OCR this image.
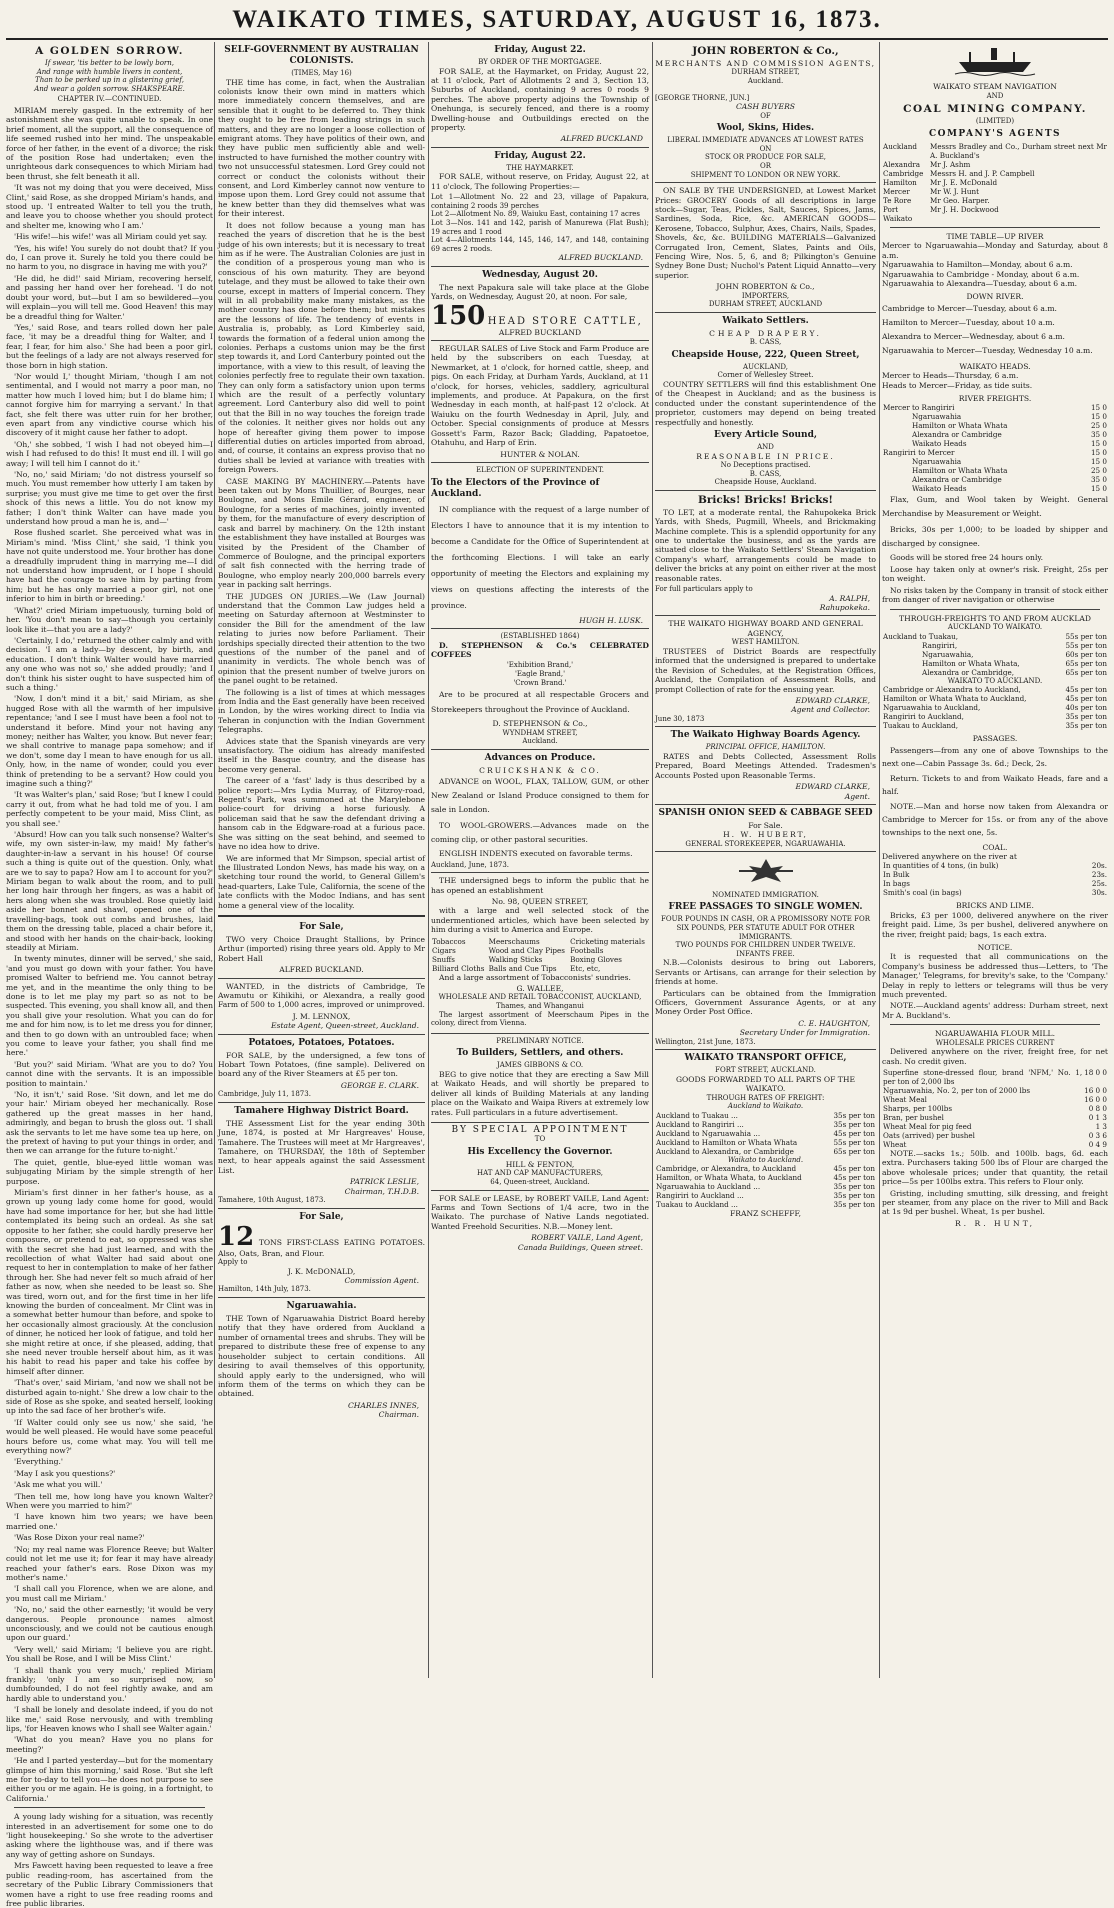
WAIKATO TIMES, SATURDAY, AUGUST 16, 1873.
A GOLDEN SORROW.
If swear, 'tis better to be lowly born,
And range with humble livers in content,
Than to be perked up in a glistering grief,
And wear a golden sorrow. SHAKSPEARE.
CHAPTER IV.—CONTINUED.

MIRIAM merely gasped. In the extremity of her astonishment she was quite unable to speak. In one brief moment, all the support, all the consequence of life seemed rushed into her mind. The unspeakable force of her father, in the event of a divorce; the risk of the position Rose had undertaken; even the unrighteous dark consequences to which Miriam had been thrust, she felt beneath it all.

'It was not my doing that you were deceived, Miss Clint,' said Rose, as she dropped Miriam's hands, and stood up. 'I entreated Walter to tell you the truth, and leave you to choose whether you should protect and shelter me, knowing who I am.'

'His wife!—his wife!' was all Miriam could yet say.

'Yes, his wife! You surely do not doubt that? If you do, I can prove it. Surely he told you there could be no harm to you, no disgrace in having me with you?'

'He did, he did!' said Miriam, recovering herself, and passing her hand over her forehead. 'I do not doubt your word, but—but I am so bewildered—you will explain—you will tell me. Good Heaven! this may be a dreadful thing for Walter.'

'Yes,' said Rose, and tears rolled down her pale face, 'it may be a dreadful thing for Walter, and I fear, I fear, for him also.' She had been a poor girl, but the feelings of a lady are not always reserved for those born in high station.

'Nor would I,' thought Miriam, 'though I am not sentimental, and I would not marry a poor man, no matter how much I loved him; but I do blame him; I cannot forgive him for marrying a servant.' In that fact, she felt there was utter ruin for her brother, even apart from any vindictive course which his discovery of it might cause her father to adopt.

'Oh,' she sobbed, 'I wish I had not obeyed him—I wish I had refused to do this! It must end ill. I will go away; I will tell him I cannot do it.'

'No, no,' said Miriam; 'do not distress yourself so much. You must remember how utterly I am taken by surprise; you must give me time to get over the first shock of this news a little. You do not know my father; I don't think Walter can have made you understand how proud a man he is, and—'

Rose flushed scarlet. She perceived what was in Miriam's mind. 'Miss Clint,' she said, 'I think you have not quite understood me. Your brother has done a dreadfully imprudent thing in marrying me—I did not understand how imprudent, or I hope I should have had the courage to save him by parting from him; but he has only married a poor girl, not one inferior to him in birth or breeding.'

'What?' cried Miriam impetuously, turning bold of her. 'You don't mean to say—though you certainly look like it—that you are a lady?'

'Certainly, I do,' returned the other calmly and with decision. 'I am a lady—by descent, by birth, and education. I don't think Walter would have married any one who was not so,' she added proudly; 'and I don't think his sister ought to have suspected him of such a thing.'

'Now, I don't mind it a bit,' said Miriam, as she hugged Rose with all the warmth of her impulsive repentance; 'and I see I must have been a fool not to understand it before. Mind your not having any money; neither has Walter, you know. But never fear; we shall contrive to manage papa somehow; and if we don't, some day I mean to have enough for us all. Only, how, in the name of wonder, could you ever think of pretending to be a servant? How could you imagine such a thing?'

'It was Walter's plan,' said Rose; 'but I knew I could carry it out, from what he had told me of you. I am perfectly competent to be your maid, Miss Clint, as you shall see.'

'Absurd! How can you talk such nonsense? Walter's wife, my own sister-in-law, my maid! My father's daughter-in-law a servant in his house! Of course such a thing is quite out of the question. Only, what are we to say to papa? How am I to account for you?' Miriam began to walk about the room, and to pull her long hair through her fingers, as was a habit of hers along when she was troubled. Rose quietly laid aside her bonnet and shawl, opened one of the travelling-bags, took out combs and brushes, laid them on the dressing table, placed a chair before it, and stood with her hands on the chair-back, looking steadily at Miriam.

In twenty minutes, dinner will be served,' she said, 'and you must go down with your father. You have promised Walter to befriend me. You cannot betray me yet, and in the meantime the only thing to be done is to let me play my part so as not to be suspected. This evening, you shall know all, and then you shall give your resolution. What you can do for me and for him now, is to let me dress you for dinner, and then to go down with an untroubled face; when you come to leave your father, you shall find me here.'

'But you?' said Miriam. 'What are you to do? You cannot dine with the servants. It is an impossible position to maintain.'

'No, it isn't,' said Rose. 'Sit down, and let me do your hair.' Miriam obeyed her mechanically. Rose gathered up the great masses in her hand, admiringly, and began to brush the gloss out. 'I shall ask the servants to let me have some tea up here, on the pretext of having to put your things in order, and then we can arrange for the future to-night.'

The quiet, gentle, blue-eyed little woman was subjugating Miriam by the simple strength of her purpose.

Miriam's first dinner in her father's house, as a grown up young lady come home for good, would have had some importance for her, but she had little contemplated its being such an ordeal. As she sat opposite to her father, she could hardly preserve her composure, or pretend to eat, so oppressed was she with the secret she had just learned, and with the recollection of what Walter had said about one request to her in contemplation to make of her father through her. She had never felt so much afraid of her father as now, when she needed to be least so. She was tired, worn out, and for the first time in her life knowing the burden of concealment. Mr Clint was in a somewhat better humour than before, and spoke to her occasionally almost graciously. At the conclusion of dinner, he noticed her look of fatigue, and told her she might retire at once, if she pleased, adding, that she need never trouble herself about him, as it was his habit to read his paper and take his coffee by himself after dinner.

'That's over,' said Miriam, 'and now we shall not be disturbed again to-night.' She drew a low chair to the side of Rose as she spoke, and seated herself, looking up into the sad face of her brother's wife.

'If Walter could only see us now,' she said, 'he would be well pleased. He would have some peaceful hours before us, come what may. You will tell me everything now?'

'Everything.'

'May I ask you questions?'

'Ask me what you will.'

'Then tell me, how long have you known Walter? When were you married to him?'

'I have known him two years; we have been married one.'

'Was Rose Dixon your real name?'

'No; my real name was Florence Reeve; but Walter could not let me use it; for fear it may have already reached your father's ears. Rose Dixon was my mother's name.'

'I shall call you Florence, when we are alone, and you must call me Miriam.'

'No, no,' said the other earnestly; 'it would be very dangerous. People pronounce names almost unconsciously, and we could not be cautious enough upon our guard.'

'Very well,' said Miriam; 'I believe you are right. You shall be Rose, and I will be Miss Clint.'

'I shall thank you very much,' replied Miriam frankly; 'only I am so surprised now, so dumbfounded, I do not feel rightly awake, and am hardly able to understand you.'

'I shall be lonely and desolate indeed, if you do not like me,' said Rose nervously, and with trembling lips, 'for Heaven knows who I shall see Walter again.'

'What do you mean? Have you no plans for meeting?'

'He and I parted yesterday—but for the momentary glimpse of him this morning,' said Rose. 'But she left me for to-day to tell you—he does not purpose to see either you or me again. He is going, in a fortnight, to California.'

A young lady wishing for a situation, was recently interested in an advertisement for some one to do 'light housekeeping.' So she wrote to the advertiser asking where the lighthouse was, and if there was any way of getting ashore on Sundays.

Mrs Fawcett having been requested to leave a free public reading-room, has ascertained from the secretary of the Public Library Commissioners that women have a right to use free reading rooms and free public libraries.

SELF-GOVERNMENT BY AUSTRALIAN COLONISTS.
(TIMES, May 16)

THE time has come, in fact, when the Australian colonists know their own mind in matters which more immediately concern themselves, and are sensible that it ought to be deferred to. They think they ought to be free from leading strings in such matters, and they are no longer a loose collection of emigrant atoms. They have politics of their own, and they have public men sufficiently able and well-instructed to have furnished the mother country with two not unsuccessful statesmen. Lord Grey could not correct or conduct the colonists without their consent, and Lord Kimberley cannot now venture to impose upon them. Lord Grey could not assume that he knew better than they did themselves what was for their interest.

It does not follow because a young man has reached the years of discretion that he is the best judge of his own interests; but it is necessary to treat him as if he were. The Australian Colonies are just in the condition of a prosperous young man who is conscious of his own maturity. They are beyond tutelage, and they must be allowed to take their own course, except in matters of Imperial concern. They will in all probability make many mistakes, as the mother country has done before them; but mistakes are the lessons of life. The tendency of events in Australia is, probably, as Lord Kimberley said, towards the formation of a federal union among the colonies. Perhaps a customs union may be the first step towards it, and Lord Canterbury pointed out the importance, with a view to this result, of leaving the colonies perfectly free to regulate their own taxation. They can only form a satisfactory union upon terms which are the result of a perfectly voluntary agreement. Lord Canterbury also did well to point out that the Bill in no way touches the foreign trade of the colonies. It neither gives nor holds out any hope of hereafter giving them power to impose differential duties on articles imported from abroad, and, of course, it contains an express proviso that no duties shall be levied at variance with treaties with foreign Powers.

CASE MAKING BY MACHINERY.—Patents have been taken out by Mons Thuillier, of Bourges, near Boulogne, and Mons Emile Gérard, engineer, of Boulogne, for a series of machines, jointly invented by them, for the manufacture of every description of cask and barrel by machinery. On the 12th instant the establishment they have installed at Bourges was visited by the President of the Chamber of Commerce of Boulogne, and the principal exporters of salt fish connected with the herring trade of Boulogne, who employ nearly 200,000 barrels every year in packing salt herrings.

THE JUDGES ON JURIES.—We (Law Journal) understand that the Common Law judges held a meeting on Saturday afternoon at Westminster to consider the Bill for the amendment of the law relating to juries now before Parliament. Their lordships specially directed their attention to the two questions of the number of the panel and of unanimity in verdicts. The whole bench was of opinion that the present number of twelve jurors on the panel ought to be retained.

The following is a list of times at which messages from India and the East generally have been received in London, by the wires working direct to India via Teheran in conjunction with the Indian Government Telegraphs.

Advices state that the Spanish vineyards are very unsatisfactory. The oidium has already manifested itself in the Basque country, and the disease has become very general.

The career of a 'fast' lady is thus described by a police report:—Mrs Lydia Murray, of Fitzroy-road, Regent's Park, was summoned at the Marylebone police-court for driving a horse furiously. A policeman said that he saw the defendant driving a hansom cab in the Edgware-road at a furious pace. She was sitting on the seat behind, and seemed to have no idea how to drive.

We are informed that Mr Simpson, special artist of the Illustrated London News, has made his way, on a sketching tour round the world, to General Gillem's head-quarters, Lake Tule, California, the scene of the late conflicts with the Modoc Indians, and has sent home a general view of the locality.

For Sale,

TWO very Choice Draught Stallions, by Prince Arthur (imported) rising three years old. Apply to Mr Robert Hall

ALFRED BUCKLAND.

WANTED, in the districts of Cambridge, Te Awamutu or Kihikihi, or Alexandra, a really good Farm of 500 to 1,000 acres, improved or unimproved.

J. M. LENNOX,
Estate Agent, Queen-street, Auckland.
Potatoes, Potatoes, Potatoes.

FOR SALE, by the undersigned, a few tons of Hobart Town Potatoes, (fine sample). Delivered on board any of the River Steamers at £5 per ton.

GEORGE E. CLARK.
Cambridge, July 11, 1873.
Tamahere Highway District Board.

THE Assessment List for the year ending 30th June, 1874, is posted at Mr Hargreaves' House, Tamahere. The Trustees will meet at Mr Hargreaves', Tamahere, on THURSDAY, the 18th of September next, to hear appeals against the said Assessment List.

PATRICK LESLIE,
Chairman, T.H.D.B.
Tamahere, 10th August, 1873.
For Sale,
12 TONS FIRST-CLASS EATING POTATOES. Also, Oats, Bran, and Flour.
Apply to
J. K. McDONALD,
Commission Agent.
Hamilton, 14th July, 1873.
Ngaruawahia.

THE Town of Ngaruawahia District Board hereby notify that they have ordered from Auckland a number of ornamental trees and shrubs. They will be prepared to distribute these free of expense to any householder subject to certain conditions. All desiring to avail themselves of this opportunity, should apply early to the undersigned, who will inform them of the terms on which they can be obtained.

CHARLES INNES,
Chairman.
Friday, August 22.
BY ORDER OF THE MORTGAGEE.

FOR SALE, at the Haymarket, on Friday, August 22, at 11 o'clock, Part of Allotments 2 and 3, Section 13, Suburbs of Auckland, containing 9 acres 0 roods 9 perches. The above property adjoins the Township of Onehunga, is securely fenced, and there is a roomy Dwelling-house and Outbuildings erected on the property.

ALFRED BUCKLAND
Friday, August 22.
THE HAYMARKET.

FOR SALE, without reserve, on Friday, August 22, at 11 o'clock, The following Properties:—

Lot 1—Allotment No. 22 and 23, village of Papakura, containing 2 roods 39 perches
Lot 2—Allotment No. 89, Waiuku East, containing 17 acres
Lot 3—Nos. 141 and 142, parish of Manurewa (Flat Bush); 19 acres and 1 rood
Lot 4—Allotments 144, 145, 146, 147, and 148, containing 69 acres 2 roods.
ALFRED BUCKLAND.
Wednesday, August 20.

The next Papakura sale will take place at the Globe Yards, on Wednesday, August 20, at noon. For sale,

150 HEAD STORE CATTLE,
ALFRED BUCKLAND

REGULAR SALES of Live Stock and Farm Produce are held by the subscribers on each Tuesday, at Newmarket, at 1 o'clock, for horned cattle, sheep, and pigs. On each Friday, at Durham Yards, Auckland, at 11 o'clock, for horses, vehicles, saddlery, agricultural implements, and produce. At Papakura, on the first Wednesday in each month, at half-past 12 o'clock. At Waiuku on the fourth Wednesday in April, July, and October. Special consignments of produce at Messrs Gossett's Farm, Razor Back; Gladding, Papatoetoe, Otahuhu, and Harp of Erin.

HUNTER & NOLAN.
ELECTION OF SUPERINTENDENT.
To the Electors of the Province of Auckland.

IN compliance with the request of a large number of Electors I have to announce that it is my intention to become a Candidate for the Office of Superintendent at the forthcoming Elections. I will take an early opportunity of meeting the Electors and explaining my views on questions affecting the interests of the province.

HUGH H. LUSK.
(ESTABLISHED 1864)

D. STEPHENSON & Co.'s CELEBRATED COFFEES

'Exhibition Brand,'
'Eagle Brand,'
'Crown Brand.'

Are to be procured at all respectable Grocers and Storekeepers throughout the Province of Auckland.

D. STEPHENSON & Co.,
WYNDHAM STREET,
Auckland.
Advances on Produce.
CRUICKSHANK & CO.

ADVANCE on WOOL, FLAX, TALLOW, GUM, or other New Zealand or Island Produce consigned to them for sale in London.

TO WOOL-GROWERS.—Advances made on the coming clip, or other pastoral securities.

ENGLISH INDENTS executed on favorable terms.

Auckland, June, 1873.

THE undersigned begs to inform the public that he has opened an establishment

No. 98, QUEEN STREET,

with a large and well selected stock of the undermentioned articles, which have been selected by him during a visit to America and Europe.

Tobaccos	Meerschaums	Cricketing materials
Cigars	Wood and Clay Pipes	Footballs
Snuffs	Walking Sticks	Boxing Gloves
Billiard Cloths	Balls and Cue Tips	Etc, etc,

And a large assortment of Tobacconists' sundries.

G. WALLEE,
WHOLESALE AND RETAIL TOBACCONIST, AUCKLAND,
Thames, and Whanganui

The largest assortment of Meerschaum Pipes in the colony, direct from Vienna.

PRELIMINARY NOTICE.
To Builders, Settlers, and others.
JAMES GIBBONS & CO.

BEG to give notice that they are erecting a Saw Mill at Waikato Heads, and will shortly be prepared to deliver all kinds of Building Materials at any landing place on the Waikato and Waipa Rivers at extremely low rates. Full particulars in a future advertisement.

BY SPECIAL APPOINTMENT
TO
His Excellency the Governor.
HILL & FENTON,
HAT AND CAP MANUFACTURERS,
64, Queen-street, Auckland.

FOR SALE or LEASE, by ROBERT VAILE, Land Agent: Farms and Town Sections of 1/4 acre, two in the Waikato. The purchase of Native Lands negotiated. Wanted Freehold Securities. N.B.—Money lent.

ROBERT VAILE, Land Agent,
Canada Buildings, Queen street.
JOHN ROBERTON & Co.,
MERCHANTS AND COMMISSION AGENTS,
DURHAM STREET,
Auckland.
[GEORGE THORNE, JUN.]
CASH BUYERS
OF
Wool, Skins, Hides.
LIBERAL IMMEDIATE ADVANCES AT LOWEST RATES
ON
STOCK OR PRODUCE FOR SALE,
OR
SHIPMENT TO LONDON OR NEW YORK.

ON SALE BY THE UNDERSIGNED, at Lowest Market Prices: GROCERY Goods of all descriptions in large stock—Sugar, Teas, Pickles, Salt, Sauces, Spices, Jams, Sardines, Soda, Rice, &c. AMERICAN GOODS—Kerosene, Tobacco, Sulphur, Axes, Chairs, Nails, Spades, Shovels, &c, &c. BUILDING MATERIALS—Galvanized Corrugated Iron, Cement, Slates, Paints and Oils, Fencing Wire, Nos. 5, 6, and 8; Pilkington's Genuine Sydney Bone Dust; Nuchol's Patent Liquid Annatto—very superior.

JOHN ROBERTON & Co.,
IMPORTERS,
DURHAM STREET, AUCKLAND
Waikato Settlers.
CHEAP DRAPERY.
B. CASS,
Cheapside House, 222, Queen Street,
AUCKLAND,
Corner of Wellesley Street.

COUNTRY SETTLERS will find this establishment One of the Cheapest in Auckland; and as the business is conducted under the constant superintendence of the proprietor, customers may depend on being treated respectfully and honestly.

Every Article Sound,
AND
REASONABLE IN PRICE.
No Deceptions practised.
B. CASS,
Cheapside House, Auckland.
Bricks! Bricks! Bricks!

TO LET, at a moderate rental, the Rahupokeka Brick Yards, with Sheds, Pugmill, Wheels, and Brickmaking Machine complete. This is a splendid opportunity for any one to undertake the business, and as the yards are situated close to the Waikato Settlers' Steam Navigation Company's wharf, arrangements could be made to deliver the bricks at any point on either river at the most reasonable rates.

For full particulars apply to
A. RALPH,
Rahupokeka.
THE WAIKATO HIGHWAY BOARD AND GENERAL AGENCY,
WEST HAMILTON.

TRUSTEES of District Boards are respectfully informed that the undersigned is prepared to undertake the Revision of Schedules, at the Registration Offices, Auckland, the Compilation of Assessment Rolls, and prompt Collection of rate for the ensuing year.

EDWARD CLARKE,
Agent and Collector.
June 30, 1873
The Waikato Highway Boards Agency.
PRINCIPAL OFFICE, HAMILTON.

RATES and Debts Collected, Assessment Rolls Prepared, Board Meetings Attended. Tradesmen's Accounts Posted upon Reasonable Terms.

EDWARD CLARKE,
Agent.
SPANISH ONION SEED & CABBAGE SEED
For Sale.
H. W. HUBERT,
GENERAL STOREKEEPER, NGARUAWAHIA.
NOMINATED IMMIGRATION.
FREE PASSAGES TO SINGLE WOMEN.
FOUR POUNDS IN CASH, OR A PROMISSORY NOTE FOR SIX POUNDS, PER STATUTE ADULT FOR OTHER IMMIGRANTS.
TWO POUNDS FOR CHILDREN UNDER TWELVE.
INFANTS FREE.

N.B.—Colonists desirous to bring out Laborers, Servants or Artisans, can arrange for their selection by friends at home.

Particulars can be obtained from the Immigration Officers, Government Assurance Agents, or at any Money Order Post Office.

C. E. HAUGHTON,
Secretary Under for Immigration.
Wellington, 21st June, 1873.
WAIKATO TRANSPORT OFFICE,
FORT STREET, AUCKLAND.
GOODS FORWARDED TO ALL PARTS OF THE WAIKATO.
THROUGH RATES OF FREIGHT:
Auckland to Waikato.
Auckland to Tuakau ...	35s per ton
Auckland to Rangiriri ...	35s per ton
Auckland to Ngaruawahia ...	45s per ton
Auckland to Hamilton or Whata Whata	55s per ton
Auckland to Alexandra, or Cambridge	65s per ton
Waikato to Auckland.
Cambridge, or Alexandra, to Auckland	45s per ton
Hamilton, or Whata Whata, to Auckland	45s per ton
Ngaruawahia to Auckland ...	35s per ton
Rangiriri to Auckland ...	35s per ton
Tuakau to Auckland ...	35s per ton
FRANZ SCHEFFF,
WAIKATO STEAM NAVIGATION
AND
COAL MINING COMPANY.
(LIMITED)
COMPANY'S AGENTS
Auckland	Messrs Bradley and Co., Durham street next Mr A. Buckland's
Alexandra	Mr J. Ashm
Cambridge	Messrs H. and J. P. Campbell
Hamilton	Mr J. E. McDonald
Mercer	Mr W. J. Hunt
Te Rore	Mr Geo. Harper.
Port Waikato	Mr J. H. Dockwood
TIME TABLE—UP RIVER
Mercer to Ngaruawahia—Monday and Saturday, about 8 a.m.
Ngaruawahia to Hamilton—Monday, about 6 a.m.
Ngaruawahia to Cambridge - Monday, about 6 a.m.
Ngaruawahia to Alexandra—Tuesday, about 6 a.m.
DOWN RIVER.
Cambridge to Mercer—Tuesday, about 6 a.m.
Hamilton to Mercer—Tuesday, about 10 a.m.
Alexandra to Mercer—Wednesday, about 6 a.m.
Ngaruawahia to Mercer—Tuesday, Wednesday 10 a.m.
WAIKATO HEADS.
Mercer to Heads—Thursday, 6 a.m.
Heads to Mercer—Friday, as tide suits.
RIVER FREIGHTS.
Mercer to Rangiriri	15 0
Ngaruawahia	15 0
Hamilton or Whata Whata	25 0
Alexandra or Cambridge	35 0
Waikato Heads	15 0
Rangiriri to Mercer	15 0
Ngaruawahia	15 0
Hamilton or Whata Whata	25 0
Alexandra or Cambridge	35 0
Waikato Heads	15 0

Flax, Gum, and Wool taken by Weight. General Merchandise by Measurement or Weight.

Bricks, 30s per 1,000; to be loaded by shipper and discharged by consignee.

Goods will be stored free 24 hours only.

Loose hay taken only at owner's risk. Freight, 25s per ton weight.

No risks taken by the Company in transit of stock either from danger of river navigation or otherwise

THROUGH-FREIGHTS TO AND FROM AUCKLAD
AUCKLAND TO WAIKATO.
Auckland to Tuakau,	55s per ton
Rangiriri,	55s per ton
Ngaruawahia,	60s per ton
Hamilton or Whata Whata,	65s per ton
Alexandra or Cambridge,	65s per ton
WAIKATO TO AUCKLAND.
Cambridge or Alexandra to Auckland,	45s per ton
Hamilton or Whata Whata to Auckland,	45s per ton
Ngaruawahia to Auckland,	40s per ton
Rangiriri to Auckland,	35s per ton
Tuakau to Auckland,	35s per ton
PASSAGES.

Passengers—from any one of above Townships to the next one—Cabin Passage 3s. 6d.; Deck, 2s.

Return. Tickets to and from Waikato Heads, fare and a half.

NOTE.—Man and horse now taken from Alexandra or Cambridge to Mercer for 15s. or from any of the above townships to the next one, 5s.

COAL.
Delivered anywhere on the river at
In quantities of 4 tons, (in bulk)	20s.
In Bulk	23s.
In bags	25s.
Smith's coal (in bags)	30s.
BRICKS AND LIME.

Bricks, £3 per 1000, delivered anywhere on the river freight paid. Lime, 3s per bushel, delivered anywhere on the river, freight paid; bags, 1s each extra.

NOTICE.

It is requested that all communications on the Company's business be addressed thus—Letters, to 'The Manager,' Telegrams, for brevity's sake, to the 'Company.' Delay in reply to letters or telegrams will thus be very much prevented.

NOTE.—Auckland agents' address: Durham street, next Mr A. Buckland's.

NGARUAWAHIA FLOUR MILL.
WHOLESALE PRICES CURRENT

Delivered anywhere on the river, freight free, for net cash. No credit given.

Superfine stone-dressed flour, brand 'NFM,' No. 1, per ton of 2,000 lbs	18 0 0
Ngaruawahia, No. 2, per ton of 2000 lbs	16 0 0
Wheat Meal	16 0 0
Sharps, per 100lbs	0 8 0
Bran, per bushel	0 1 3
Wheat Meal for pig feed	1 3
Oats (arrived) per bushel	0 3 6
Wheat	0 4 9

NOTE.—sacks 1s.; 50lb. and 100lb. bags, 6d. each extra. Purchasers taking 500 lbs of Flour are charged the above wholesale prices; under that quantity, the retail price—5s per 100lbs extra. This refers to Flour only.

Gristing, including smutting, silk dressing, and freight per steamer, from any place on the river to Mill and Back at 1s 9d per bushel. Wheat, 1s per bushel.

R. R. HUNT,
